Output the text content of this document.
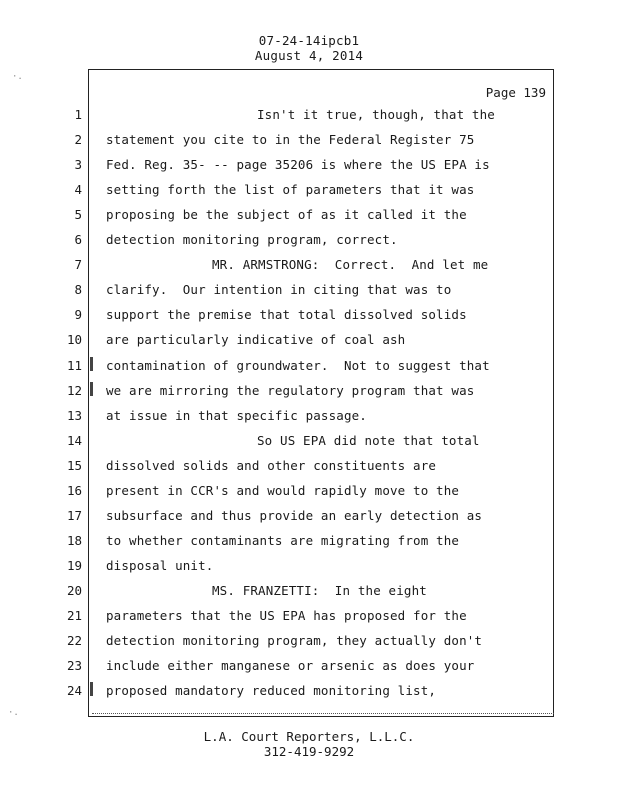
07-24-14ipcb1
August 4, 2014
Page 139
1	Isn't it true, though, that the
2 statement you cite to in the Federal Register 75
3 Fed. Reg. 35- -- page 35206 is where the US EPA is
4 setting forth the list of parameters that it was
5 proposing be the subject of as it called it the
6 detection monitoring program, correct.
7	MR. ARMSTRONG:  Correct.  And let me
8 clarify.  Our intention in citing that was to
9 support the premise that total dissolved solids
10 are particularly indicative of coal ash
11 contamination of groundwater.  Not to suggest that
12 we are mirroring the regulatory program that was
13 at issue in that specific passage.
14	So US EPA did note that total
15 dissolved solids and other constituents are
16 present in CCR's and would rapidly move to the
17 subsurface and thus provide an early detection as
18 to whether contaminants are migrating from the
19 disposal unit.
20	MS. FRANZETTI:  In the eight
21 parameters that the US EPA has proposed for the
22 detection monitoring program, they actually don't
23 include either manganese or arsenic as does your
24 proposed mandatory reduced monitoring list,
·.
·.
L.A. Court Reporters, L.L.C.
312-419-9292
